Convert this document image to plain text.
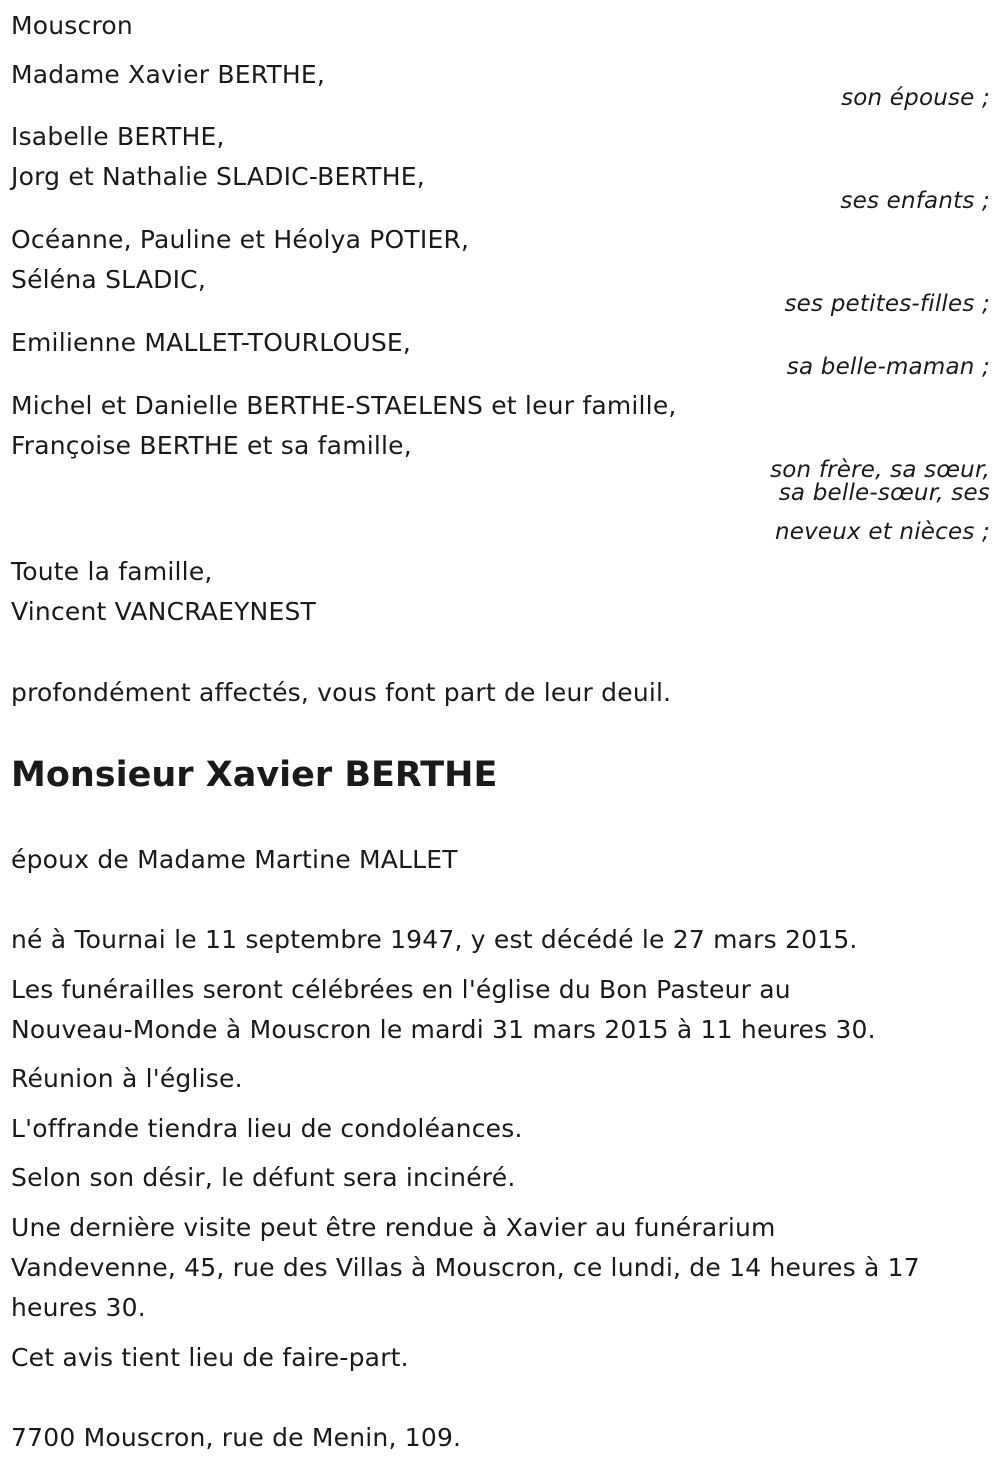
Mouscron
Madame Xavier BERTHE,
son épouse ;
Isabelle BERTHE,
Jorg et Nathalie SLADIC-BERTHE,
ses enfants ;
Océanne, Pauline et Héolya POTIER,
Séléna SLADIC,
ses petites-filles ;
Emilienne MALLET-TOURLOUSE,
sa belle-maman ;
Michel et Danielle BERTHE-STAELENS et leur famille,
Françoise BERTHE et sa famille,
son frère, sa sœur,
sa belle-sœur, ses
neveux et nièces ;
Toute la famille,
Vincent VANCRAEYNEST
profondément affectés, vous font part de leur deuil.
Monsieur Xavier BERTHE
époux de Madame Martine MALLET
né à Tournai le 11 septembre 1947, y est décédé le 27 mars 2015.
Les funérailles seront célébrées en l'église du Bon Pasteur au
Nouveau-Monde à Mouscron le mardi 31 mars 2015 à 11 heures 30.
Réunion à l'église.
L'offrande tiendra lieu de condoléances.
Selon son désir, le défunt sera incinéré.
Une dernière visite peut être rendue à Xavier au funérarium
Vandevenne, 45, rue des Villas à Mouscron, ce lundi, de 14 heures à 17
heures 30.
Cet avis tient lieu de faire-part.
7700 Mouscron, rue de Menin, 109.
